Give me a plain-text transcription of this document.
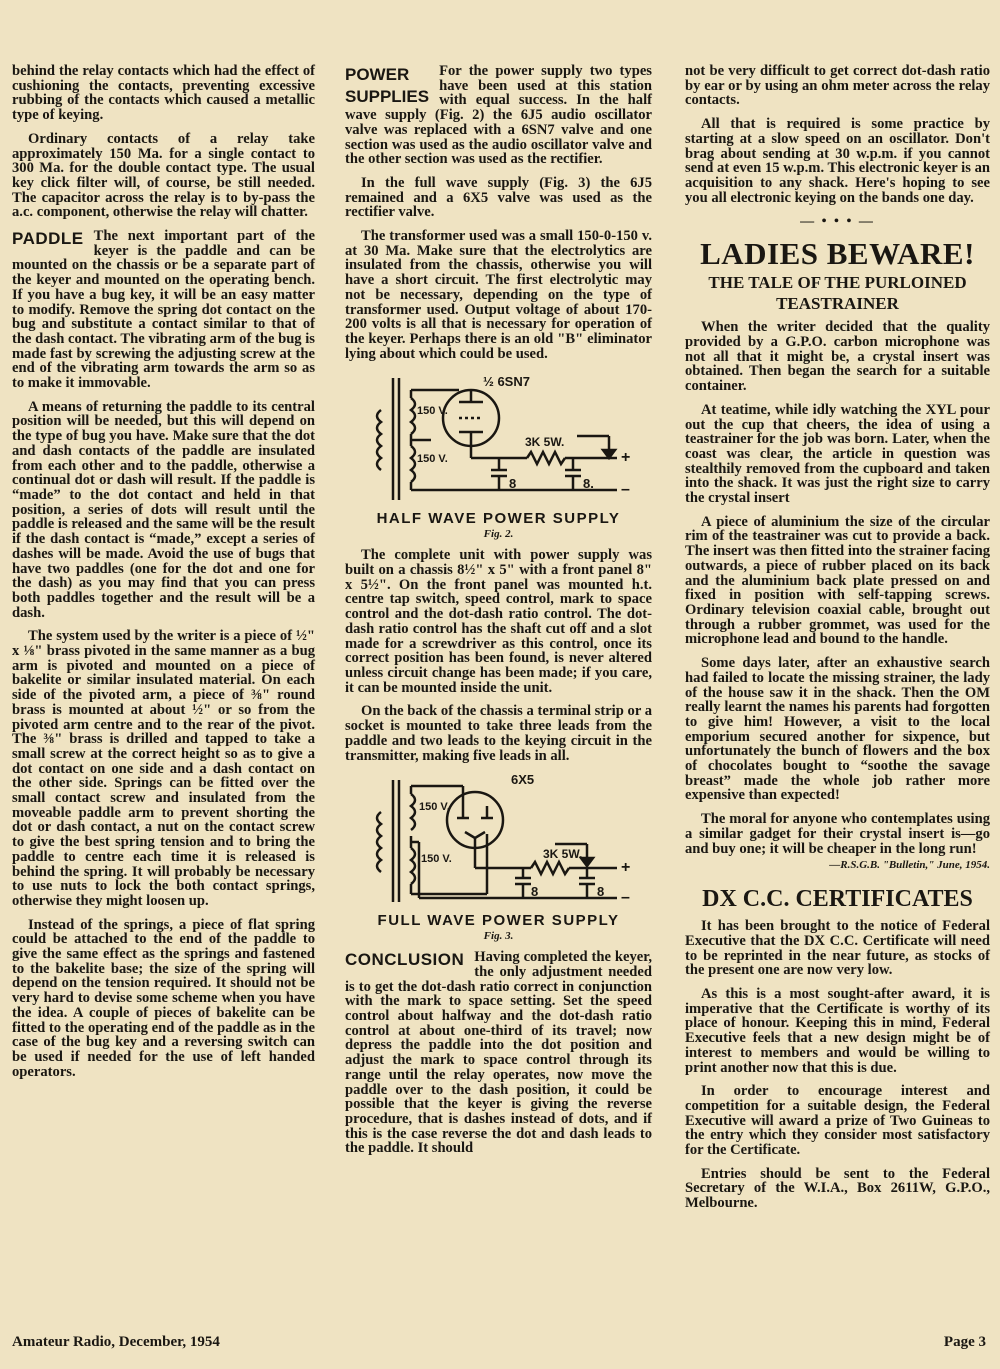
behind the relay contacts which had the effect of cushioning the contacts, preventing excessive rubbing of the contacts which caused a metallic type of keying.

Ordinary contacts of a relay take approximately 150 Ma. for a single contact to 300 Ma. for the double contact type. The usual key click filter will, of course, be still needed. The capacitor across the relay is to by-pass the a.c. component, otherwise the relay will chatter.

PADDLE The next important part of the keyer is the paddle and can be mounted on the chassis or be a separate part of the keyer and mounted on the operating bench. If you have a bug key, it will be an easy matter to modify. Remove the spring dot contact on the bug and substitute a contact similar to that of the dash contact. The vibrating arm of the bug is made fast by screwing the adjusting screw at the end of the vibrating arm towards the arm so as to make it immovable.

A means of returning the paddle to its central position will be needed, but this will depend on the type of bug you have. Make sure that the dot and dash contacts of the paddle are insulated from each other and to the paddle, otherwise a continual dot or dash will result. If the paddle is “made” to the dot contact and held in that position, a series of dots will result until the paddle is released and the same will be the result if the dash contact is “made,” except a series of dashes will be made. Avoid the use of bugs that have two paddles (one for the dot and one for the dash) as you may find that you can press both paddles together and the result will be a dash.

The system used by the writer is a piece of ½" x ⅛" brass pivoted in the same manner as a bug arm is pivoted and mounted on a piece of bakelite or similar insulated material. On each side of the pivoted arm, a piece of ⅜" round brass is mounted at about ½" or so from the pivoted arm centre and to the rear of the pivot. The ⅜" brass is drilled and tapped to take a small screw at the correct height so as to give a dot contact on one side and a dash contact on the other side. Springs can be fitted over the small contact screw and insulated from the moveable paddle arm to prevent shorting the dot or dash contact, a nut on the contact screw to give the best spring tension and to bring the paddle to centre each time it is released is behind the spring. It will probably be necessary to use nuts to lock the both contact springs, otherwise they might loosen up.

Instead of the springs, a piece of flat spring could be attached to the end of the paddle to give the same effect as the springs and fastened to the bakelite base; the size of the spring will depend on the tension required. It should not be very hard to devise some scheme when you have the idea. A couple of pieces of bakelite can be fitted to the operating end of the paddle as in the case of the bug key and a reversing switch can be used if needed for the use of left handed operators.

POWER
SUPPLIES
For the power supply two types have been used at this station with equal success. In the half wave supply (Fig. 2) the 6J5 audio oscillator valve was replaced with a 6SN7 valve and one section was used as the audio oscillator valve and the other section was used as the rectifier.

In the full wave supply (Fig. 3) the 6J5 remained and a 6X5 valve was used as the rectifier valve.

The transformer used was a small 150-0-150 v. at 30 Ma. Make sure that the electrolytics are insulated from the chassis, otherwise you will have a short circuit. The first electrolytic may not be necessary, depending on the type of transformer used. Output voltage of about 170-200 volts is all that is necessary for operation of the keyer. Perhaps there is an old "B" eliminator lying about which could be used.

½ 6SN7
150 V.
150 V.
3K 5W.
8	8.
+
–
HALF WAVE POWER SUPPLY
Fig. 2.

The complete unit with power supply was built on a chassis 8½" x 5" with a front panel 8" x 5½". On the front panel was mounted h.t. centre tap switch, speed control, mark to space control and the dot-dash ratio control. The dot-dash ratio control has the shaft cut off and a slot made for a screwdriver as this control, once its correct position has been found, is never altered unless circuit change has been made; if you care, it can be mounted inside the unit.

On the back of the chassis a terminal strip or a socket is mounted to take three leads from the paddle and two leads to the keying circuit in the transmitter, making five leads in all.

6X5
150 V.
150 V.	3K 5W.
8	8
+
–
FULL WAVE POWER SUPPLY
Fig. 3.

CONCLUSION Having completed the keyer, the only adjustment needed is to get the dot-dash ratio correct in conjunction with the mark to space setting. Set the speed control about halfway and the dot-dash ratio control at about one-third of its travel; now depress the paddle into the dot position and adjust the mark to space control through its range until the relay operates, now move the paddle over to the dash position, it could be possible that the keyer is giving the reverse procedure, that is dashes instead of dots, and if this is the case reverse the dot and dash leads to the paddle. It should

not be very difficult to get correct dot-dash ratio by ear or by using an ohm meter across the relay contacts.

All that is required is some practice by starting at a slow speed on an oscillator. Don't brag about sending at 30 w.p.m. if you cannot send at even 15 w.p.m. This electronic keyer is an acquisition to any shack. Here's hoping to see you all electronic keying on the bands one day.

— • • • —
LADIES BEWARE!
THE TALE OF THE PURLOINED TEASTRAINER

When the writer decided that the quality provided by a G.P.O. carbon microphone was not all that it might be, a crystal insert was obtained. Then began the search for a suitable container.

At teatime, while idly watching the XYL pour out the cup that cheers, the idea of using a teastrainer for the job was born. Later, when the coast was clear, the article in question was stealthily removed from the cupboard and taken into the shack. It was just the right size to carry the crystal insert

A piece of aluminium the size of the circular rim of the teastrainer was cut to provide a back. The insert was then fitted into the strainer facing outwards, a piece of rubber placed on its back and the aluminium back plate pressed on and fixed in position with self-tapping screws. Ordinary television coaxial cable, brought out through a rubber grommet, was used for the microphone lead and bound to the handle.

Some days later, after an exhaustive search had failed to locate the missing strainer, the lady of the house saw it in the shack. Then the OM really learnt the names his parents had forgotten to give him! However, a visit to the local emporium secured another for sixpence, but unfortunately the bunch of flowers and the box of chocolates bought to “soothe the savage breast” made the whole job rather more expensive than expected!

The moral for anyone who contemplates using a similar gadget for their crystal insert is—go and buy one; it will be cheaper in the long run!

—R.S.G.B. "Bulletin," June, 1954.
DX C.C. CERTIFICATES

It has been brought to the notice of Federal Executive that the DX C.C. Certificate will need to be reprinted in the near future, as stocks of the present one are now very low.

As this is a most sought-after award, it is imperative that the Certificate is worthy of its place of honour. Keeping this in mind, Federal Executive feels that a new design might be of interest to members and would be willing to print another now that this is due.

In order to encourage interest and competition for a suitable design, the Federal Executive will award a prize of Two Guineas to the entry which they consider most satisfactory for the Certificate.

Entries should be sent to the Federal Secretary of the W.I.A., Box 2611W, G.P.O., Melbourne.

Amateur Radio, December, 1954	Page 3
